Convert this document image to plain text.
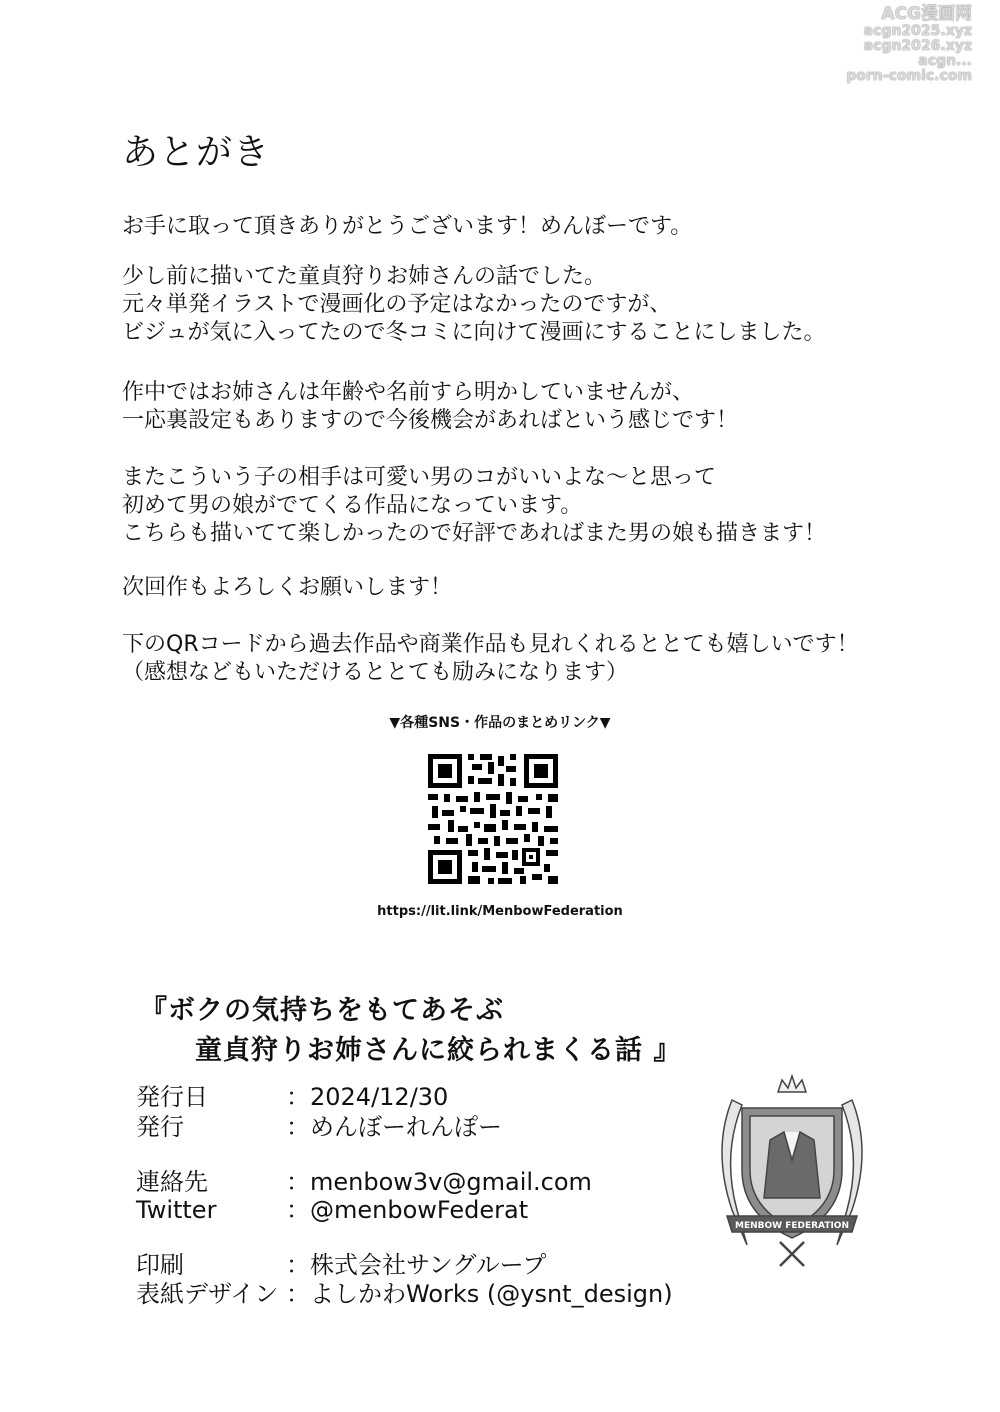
ACG漫画网
acgn2025.xyz
acgn2026.xyz
acgn...
porn-comic.com
あとがき
お手に取って頂きありがとうございます！めんぼーです。
少し前に描いてた童貞狩りお姉さんの話でした。
元々単発イラストで漫画化の予定はなかったのですが、
ビジュが気に入ってたので冬コミに向けて漫画にすることにしました。
作中ではお姉さんは年齢や名前すら明かしていませんが、
一応裏設定もありますので今後機会があればという感じです！
またこういう子の相手は可愛い男のコがいいよな～と思って
初めて男の娘がでてくる作品になっています。
こちらも描いてて楽しかったので好評であればまた男の娘も描きます！
次回作もよろしくお願いします！
下のQRコードから過去作品や商業作品も見れくれるととても嬉しいです！
（感想などもいただけるととても励みになります）
▼各種SNS・作品のまとめリンク▼
https://lit.link/MenbowFederation
『ボクの気持ちをもてあそぶ
童貞狩りお姉さんに絞られまくる話 』
発行日	：2024/12/30
発行	：めんぼーれんぽー
連絡先	：menbow3v@gmail.com
Twitter	：@menbowFederat
印刷	：株式会社サングループ
表紙デザイン ：よしかわWorks (@ysnt_design)
MENBOW FEDERATION
